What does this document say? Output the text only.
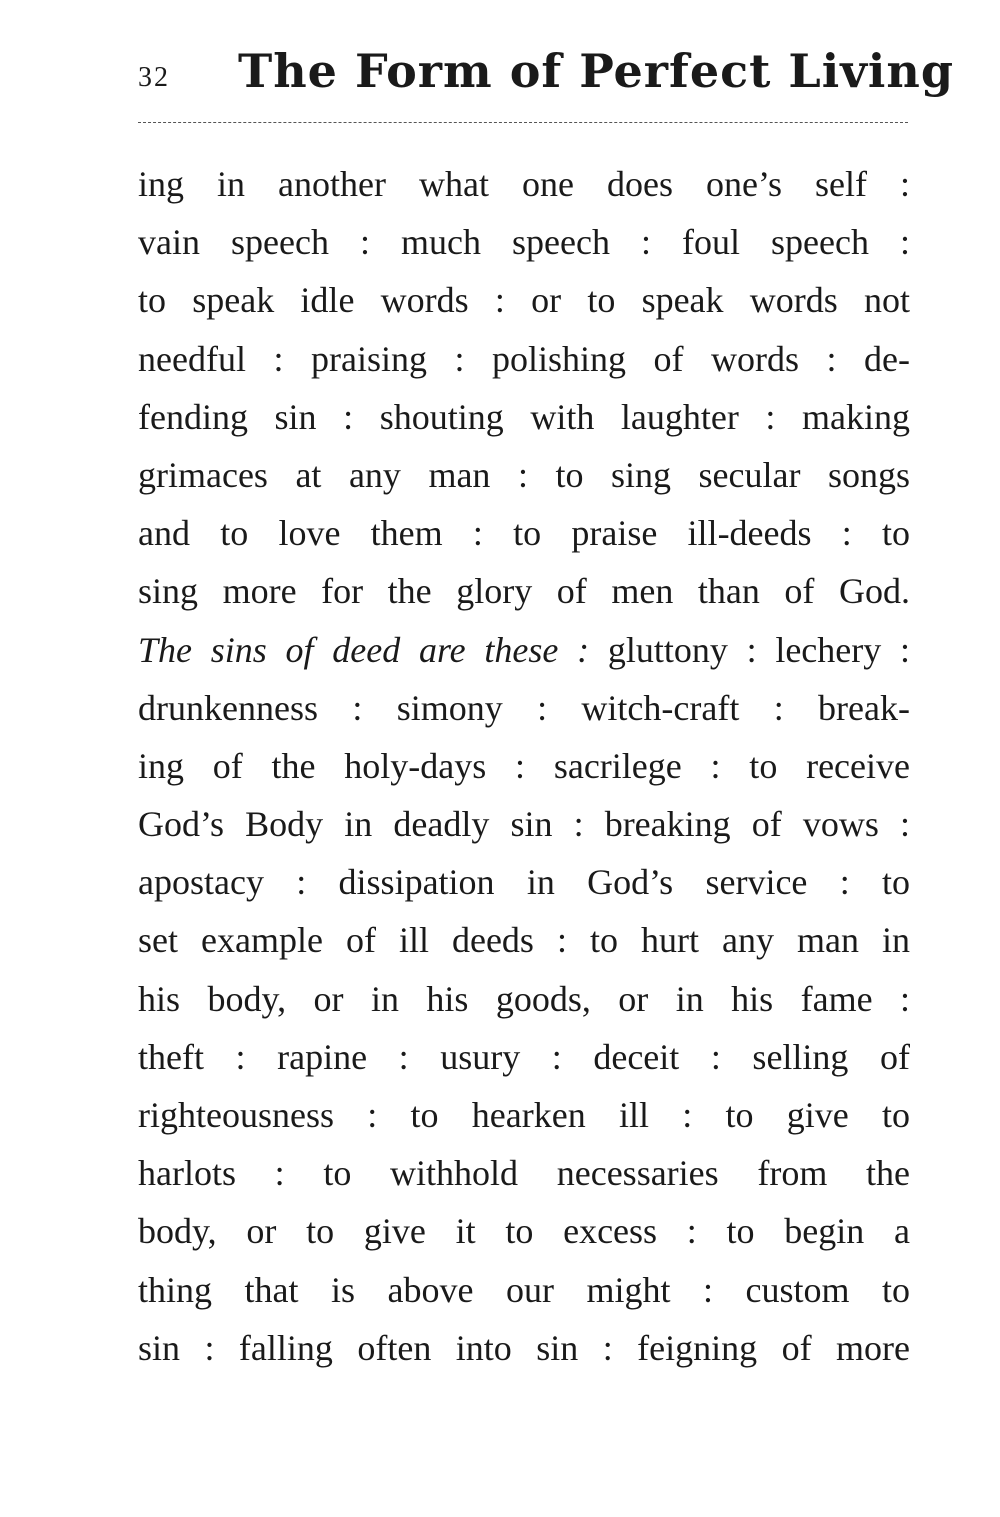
32 The Form of Perfect Living
ing in another what one does one’s self :
vain speech : much speech : foul speech :
to speak idle words : or to speak words not
needful : praising : polishing of words : de-
fending sin : shouting with laughter : making
grimaces at any man : to sing secular songs
and to love them : to praise ill-deeds : to
sing more for the glory of men than of God.
The sins of deed are these : gluttony : lechery :
drunkenness : simony : witch-craft : break-
ing of the holy-days : sacrilege : to receive
God’s Body in deadly sin : breaking of vows :
apostacy : dissipation in God’s service : to
set example of ill deeds : to hurt any man in
his body, or in his goods, or in his fame :
theft : rapine : usury : deceit : selling of
righteousness : to hearken ill : to give to
harlots : to withhold necessaries from the
body, or to give it to excess : to begin a
thing that is above our might : custom to
sin : falling often into sin : feigning of more
